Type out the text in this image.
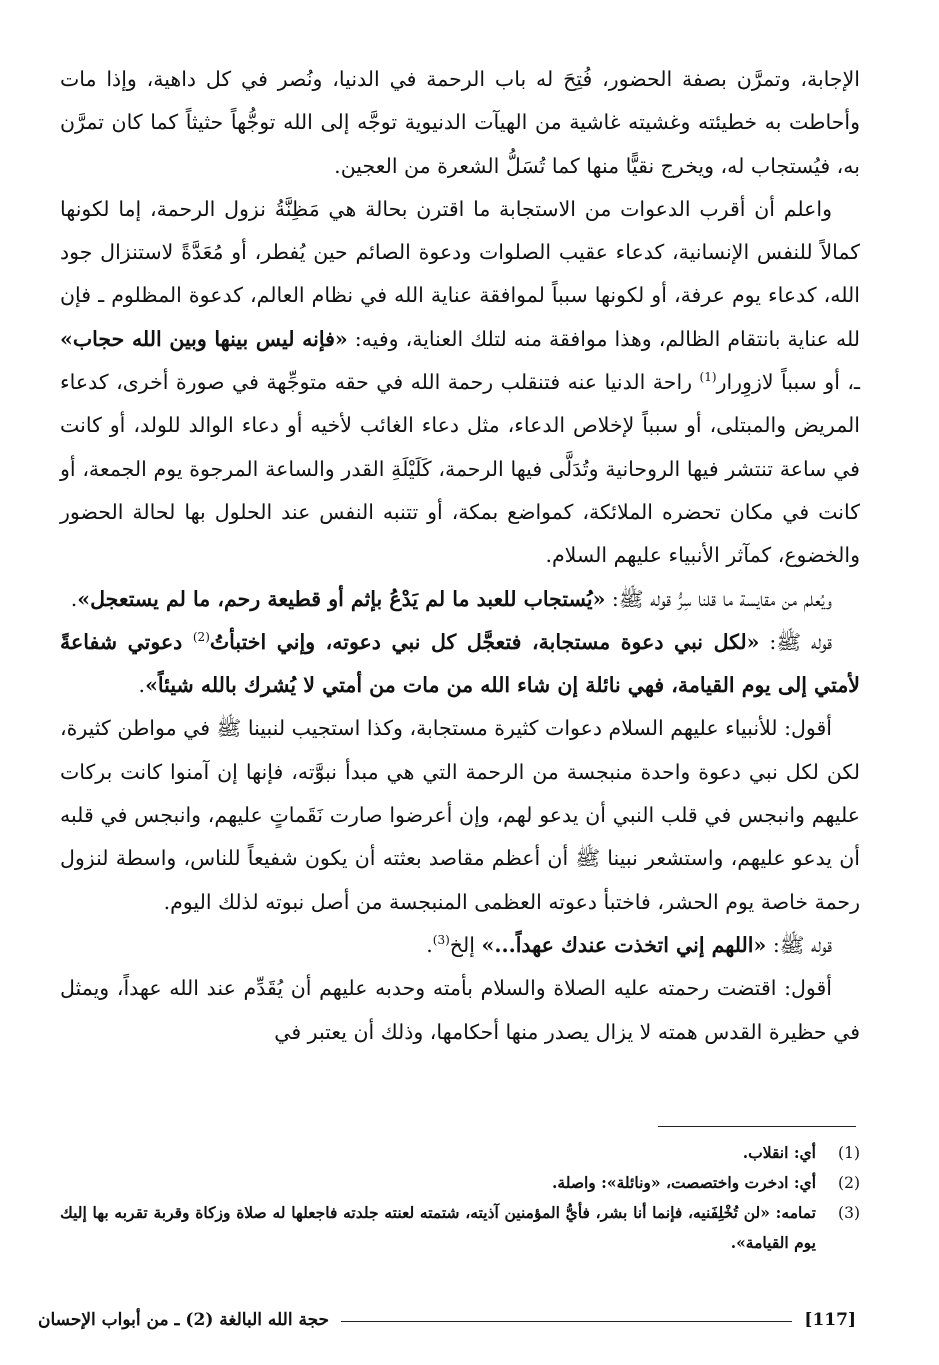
الإجابة، وتمرَّن بصفة الحضور، فُتِحَ له باب الرحمة في الدنيا، ونُصر في كل داهية، وإذا مات وأحاطت به خطيئته وغشيته غاشية من الهيآت الدنيوية توجَّه إلى الله توجُّهاً حثيثاً كما كان تمرَّن به، فيُستجاب له، ويخرج نقيًّا منها كما تُسَلُّ الشعرة من العجين.

واعلم أن أقرب الدعوات من الاستجابة ما اقترن بحالة هي مَظِنَّةُ نزول الرحمة، إما لكونها كمالاً للنفس الإنسانية، كدعاء عقيب الصلوات ودعوة الصائم حين يُفطر، أو مُعَدَّةً لاستنزال جود الله، كدعاء يوم عرفة، أو لكونها سبباً لموافقة عناية الله في نظام العالم، كدعوة المظلوم ـ فإن لله عناية بانتقام الظالم، وهذا موافقة منه لتلك العناية، وفيه: «فإنه ليس بينها وبين الله حجاب» ـ، أو سبباً لازوِرار$^{(1)}$ راحة الدنيا عنه فتنقلب رحمة الله في حقه متوجِّهة في صورة أخرى، كدعاء المريض والمبتلى، أو سبباً لإخلاص الدعاء، مثل دعاء الغائب لأخيه أو دعاء الوالد للولد، أو كانت في ساعة تنتشر فيها الروحانية وتُدَلَّى فيها الرحمة، كَلَيْلَةِ القدر والساعة المرجوة يوم الجمعة، أو كانت في مكان تحضره الملائكة، كمواضع بمكة، أو تتنبه النفس عند الحلول بها لحالة الحضور والخضوع، كمآثر الأنبياء عليهم السلام.

ويُعلم من مقايسة ما قلنا سِرُّ قوله ﷺ: «يُستجاب للعبد ما لم يَدْعُ بإثم أو قطيعة رحم، ما لم يستعجل».

قوله ﷺ: «لكل نبي دعوة مستجابة، فتعجَّل كل نبي دعوته، وإني اختبأتُ$^{(2)}$ دعوتي شفاعةً لأمتي إلى يوم القيامة، فهي نائلة إن شاء الله من مات من أمتي لا يُشرك بالله شيئاً».

أقول: للأنبياء عليهم السلام دعوات كثيرة مستجابة، وكذا استجيب لنبينا ﷺ في مواطن كثيرة، لكن لكل نبي دعوة واحدة منبجسة من الرحمة التي هي مبدأ نبوَّته، فإنها إن آمنوا كانت بركات عليهم وانبجس في قلب النبي أن يدعو لهم، وإن أعرضوا صارت نَقَماتٍ عليهم، وانبجس في قلبه أن يدعو عليهم، واستشعر نبينا ﷺ أن أعظم مقاصد بعثته أن يكون شفيعاً للناس، واسطة لنزول رحمة خاصة يوم الحشر، فاختبأ دعوته العظمى المنبجسة من أصل نبوته لذلك اليوم.

قوله ﷺ: «اللهم إني اتخذت عندك عهداً...» إلخ$^{(3)}$.

أقول: اقتضت رحمته عليه الصلاة والسلام بأمته وحدبه عليهم أن يُقَدِّم عند الله عهداً، ويمثل في حظيرة القدس همته لا يزال يصدر منها أحكامها، وذلك أن يعتبر في

(1)
أي: انقلاب.
(2)
أي: ادخرت واختصصت، «ونائلة»: واصلة.
(3)
تمامه: «لن تُخْلِفَنيه، فإنما أنا بشر، فأيُّ المؤمنين آذيته، شتمته لعنته جلدته فاجعلها له صلاة وزكاة وقربة تقربه بها إليك يوم القيامة».
حجة الله البالغة (2) ـ من أبواب الإحسان	[117]
